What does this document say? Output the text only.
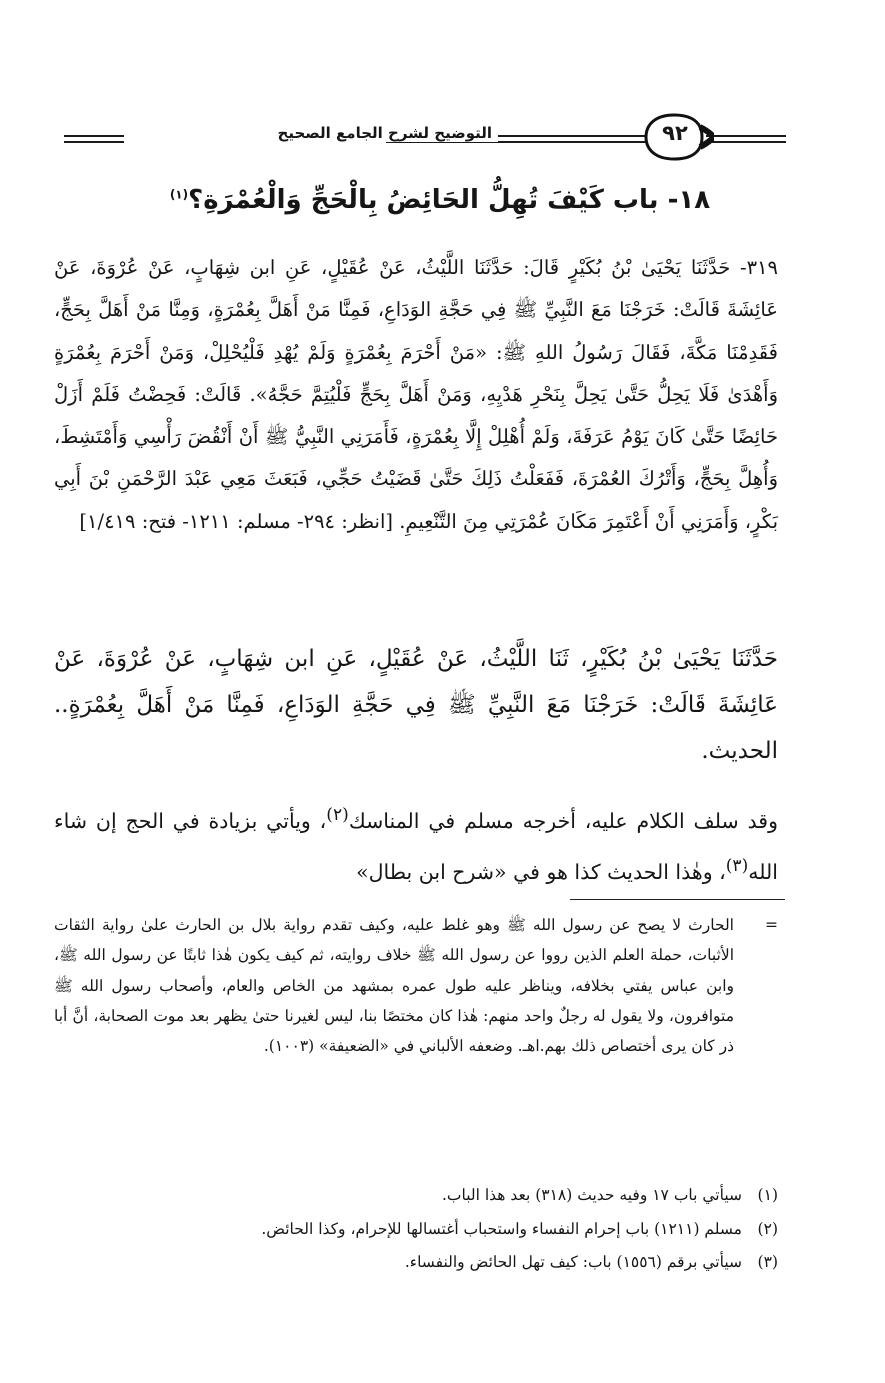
التوضيح لشرح الجامع الصحيح	٩٢
١٨- باب كَيْفَ تُهِلُّ الحَائِضُ بِالْحَجِّ وَالْعُمْرَةِ؟$^{(١)}$
٣١٩- حَدَّثَنَا يَحْيَىٰ بْنُ بُكَيْرٍ قَالَ: حَدَّثَنَا اللَّيْثُ، عَنْ عُقَيْلٍ، عَنِ ابن شِهَابٍ، عَنْ عُرْوَةَ، عَنْ عَائِشَةَ قَالَتْ: خَرَجْنَا مَعَ النَّبِيِّ ﷺ فِي حَجَّةِ الوَدَاعِ، فَمِنَّا مَنْ أَهَلَّ بِعُمْرَةٍ، وَمِنَّا مَنْ أَهَلَّ بِحَجٍّ، فَقَدِمْنَا مَكَّةَ، فَقَالَ رَسُولُ اللهِ ﷺ: «مَنْ أَحْرَمَ بِعُمْرَةٍ وَلَمْ يُهْدِ فَلْيُحْلِلْ، وَمَنْ أَحْرَمَ بِعُمْرَةٍ وَأَهْدَىٰ فَلَا يَحِلُّ حَتَّىٰ يَحِلَّ بِنَحْرِ هَدْيِهِ، وَمَنْ أَهَلَّ بِحَجٍّ فَلْيُتِمَّ حَجَّهُ». قَالَتْ: فَحِضْتُ فَلَمْ أَزَلْ حَائِضًا حَتَّىٰ كَانَ يَوْمُ عَرَفَةَ، وَلَمْ أُهْلِلْ إِلَّا بِعُمْرَةٍ، فَأَمَرَنِي النَّبِيُّ ﷺ أَنْ أَنْقُضَ رَأْسِي وَأَمْتَشِطَ، وَأُهِلَّ بِحَجٍّ، وَأَتْرُكَ العُمْرَةَ، فَفَعَلْتُ ذَلِكَ حَتَّىٰ قَضَيْتُ حَجِّي، فَبَعَثَ مَعِي عَبْدَ الرَّحْمَنِ بْنَ أَبِي بَكْرٍ، وَأَمَرَنِي أَنْ أَعْتَمِرَ مَكَانَ عُمْرَتِي مِنَ التَّنْعِيمِ. [انظر: ٢٩٤- مسلم: ١٢١١- فتح: ١/٤١٩]
حَدَّثَنَا يَحْيَىٰ بْنُ بُكَيْرٍ، ثَنَا اللَّيْثُ، عَنْ عُقَيْلٍ، عَنِ ابن شِهَابٍ، عَنْ عُرْوَةَ، عَنْ عَائِشَةَ قَالَتْ: خَرَجْنَا مَعَ النَّبِيِّ ﷺ فِي حَجَّةِ الوَدَاعِ، فَمِنَّا مَنْ أَهَلَّ بِعُمْرَةٍ.. الحديث.
وقد سلف الكلام عليه، أخرجه مسلم في المناسك$^{(٢)}$، ويأتي بزيادة في الحج إن شاء الله$^{(٣)}$، وهٰذا الحديث كذا هو في «شرح ابن بطال»
=
الحارث لا يصح عن رسول الله ﷺ وهو غلط عليه، وكيف تقدم رواية بلال بن الحارث علىٰ رواية الثقات الأثبات، حملة العلم الذين رووا عن رسول الله ﷺ خلاف روايته، ثم كيف يكون هٰذا ثابتًا عن رسول الله ﷺ، وابن عباس يفتي بخلافه، ويناظر عليه طول عمره بمشهد من الخاص والعام، وأصحاب رسول الله ﷺ متوافرون، ولا يقول له رجلٌ واحد منهم: هٰذا كان مختصًا بنا، ليس لغيرنا حتىٰ يظهر بعد موت الصحابة، أنَّ أبا ذر كان يرى أختصاص ذلك بهم.اهـ. وضعفه الألباني في «الضعيفة» (١٠٠٣).
(١)سيأتي باب ١٧ وفيه حديث (٣١٨) بعد هذا الباب.
(٢)مسلم (١٢١١) باب إحرام النفساء واستحباب أغتسالها للإحرام، وكذا الحائض.
(٣)سيأتي برقم (١٥٥٦) باب: كيف تهل الحائض والنفساء.
